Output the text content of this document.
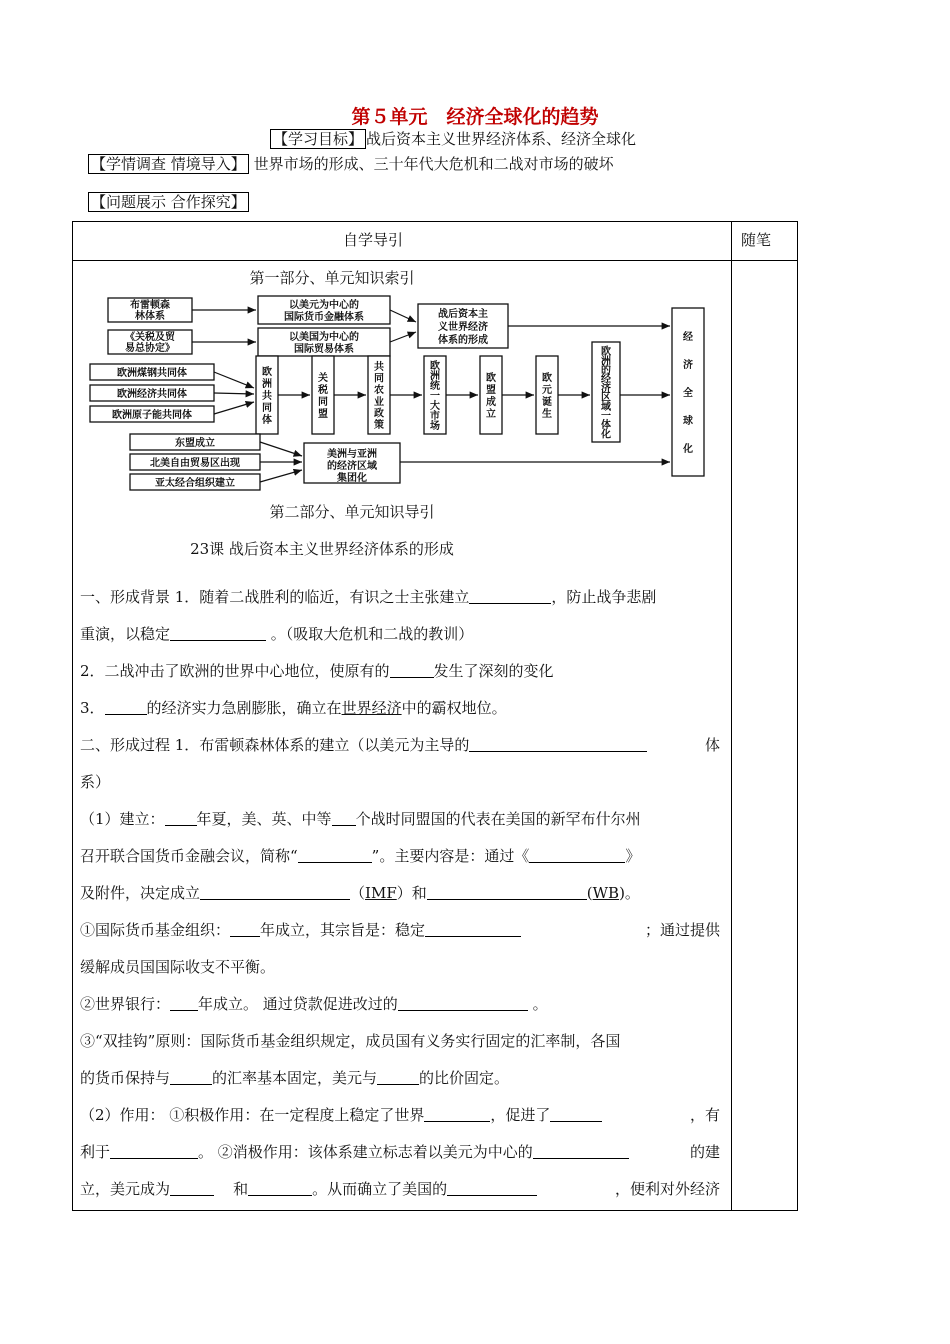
第５单元　经济全球化的趋势
【学习目标】 战后资本主义世界经济体系、经济全球化
【学情调查 情境导入】 世界市场的形成、三十年代大危机和二战对市场的破坏
【问题展示 合作探究】
自学导引	随笔
第一部分、单元知识索引
第二部分、单元知识导引
23课 战后资本主义世界经济体系的形成
布雷顿森
林体系
《关税及贸
易总协定》
以美元为中心的
国际货币金融体系
以美国为中心的
国际贸易体系
战后资本主
义世界经济
体系的形成
欧洲煤钢共同体
欧洲经济共同体
欧洲原子能共同体
东盟成立
北美自由贸易区出现
亚太经合组织建立
美洲与亚洲
的经济区域
集团化
欧洲共同体
关税同盟
共同农业政策
欧洲统一大市场
欧盟成立
欧元诞生
欧洲的经济区域一体化
经济全球化

一、形成背景 1．随着二战胜利的临近，有识之士主张建立	，防止战争悲剧

重演，以稳定	。（吸取大危机和二战的教训）

2．二战冲击了欧洲的世界中心地位，使原有的	发生了深刻的变化

3．	的经济实力急剧膨胀，确立在世界经济中的霸权地位。

二、形成过程 1．布雷顿森林体系的建立（以美元为主导的	体

系）

（1）建立： 年夏，美、英、中等 个战时同盟国的代表在美国的新罕布什尔州

召开联合国货币金融会议，简称“	”。主要内容是：通过《	》

及附件，决定成立	（IMF）和	(WB)。

①国际货币基金组织： 年成立，其宗旨是：稳定	；通过提供

缓解成员国国际收支不平衡。

②世界银行： 年成立。 通过贷款促进改过的	。

③“双挂钩”原则：国际货币基金组织规定，成员国有义务实行固定的汇率制，各国

的货币保持与	的汇率基本固定，美元与	的比价固定。

（2）作用： ①积极作用：在一定程度上稳定了世界	，促进了	，有

利于	。 ②消极作用：该体系建立标志着以美元为中心的	的建

立，美元成为	和	。从而确立了美国的	，便利对外经济
